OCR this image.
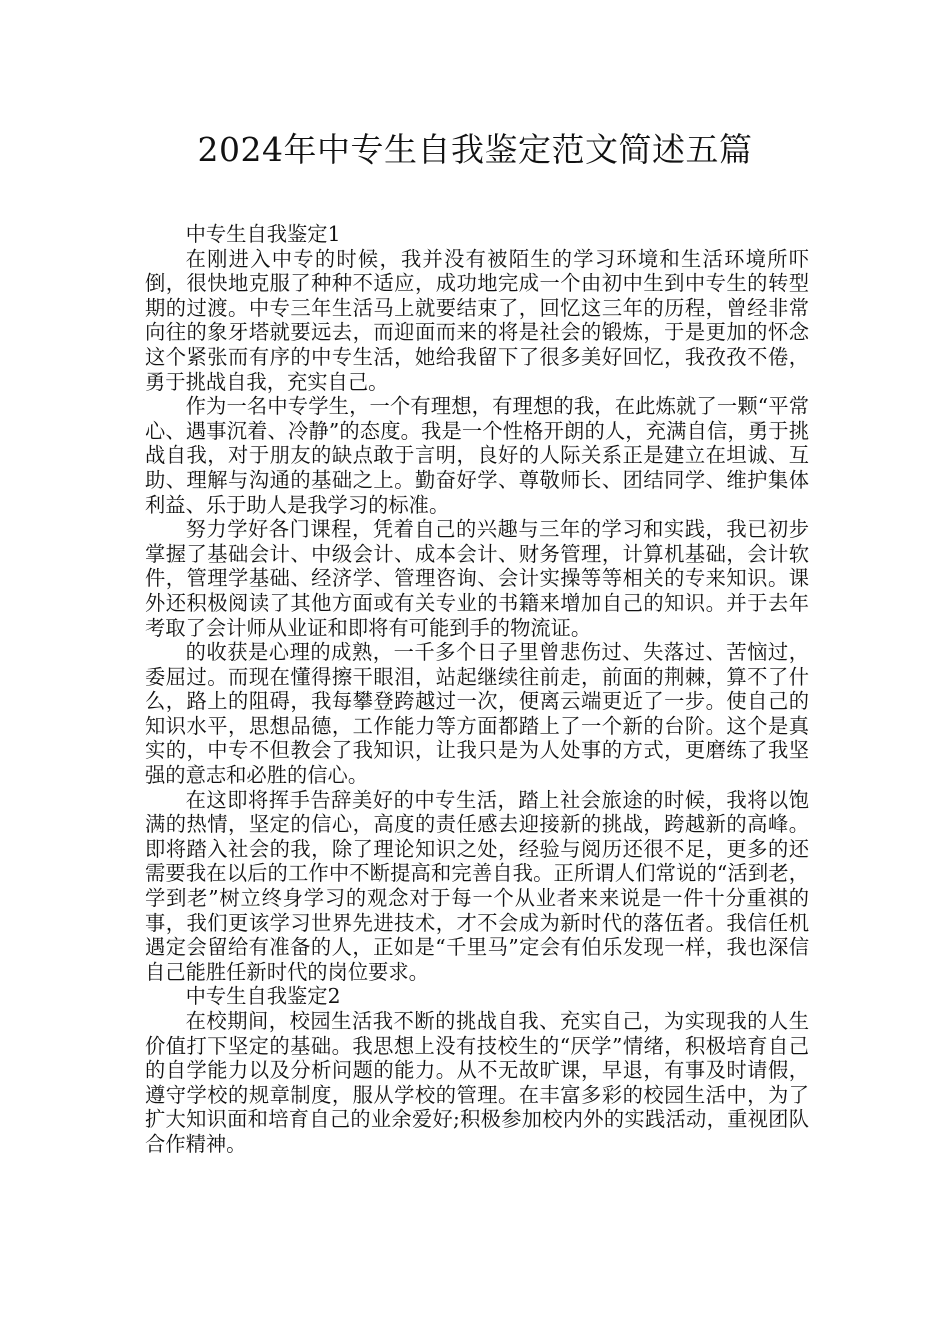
2024年中专生自我鉴定范文简述五篇

中专生自我鉴定1

在刚进入中专的时候，我并没有被陌生的学习环境和生活环境所吓倒，很快地克服了种种不适应，成功地完成一个由初中生到中专生的转型期的过渡。中专三年生活马上就要结束了，回忆这三年的历程，曾经非常向往的象牙塔就要远去，而迎面而来的将是社会的锻炼，于是更加的怀念这个紧张而有序的中专生活，她给我留下了很多美好回忆，我孜孜不倦，勇于挑战自我，充实自己。

作为一名中专学生，一个有理想，有理想的我，在此炼就了一颗“平常心、遇事沉着、冷静”的态度。我是一个性格开朗的人，充满自信，勇于挑战自我，对于朋友的缺点敢于言明，良好的人际关系正是建立在坦诚、互助、理解与沟通的基础之上。勤奋好学、尊敬师长、团结同学、维护集体利益、乐于助人是我学习的标准。

努力学好各门课程，凭着自己的兴趣与三年的学习和实践，我已初步掌握了基础会计、中级会计、成本会计、财务管理，计算机基础，会计软件，管理学基础、经济学、管理咨询、会计实操等等相关的专来知识。课外还积极阅读了其他方面或有关专业的书籍来增加自己的知识。并于去年考取了会计师从业证和即将有可能到手的物流证。

的收获是心理的成熟，一千多个日子里曾悲伤过、失落过、苦恼过，委屈过。而现在懂得擦干眼泪，站起继续往前走，前面的荆棘，算不了什么，路上的阻碍，我每攀登跨越过一次，便离云端更近了一步。使自己的知识水平，思想品德，工作能力等方面都踏上了一个新的台阶。这个是真实的，中专不但教会了我知识，让我只是为人处事的方式，更磨练了我坚强的意志和必胜的信心。

在这即将挥手告辞美好的中专生活，踏上社会旅途的时候，我将以饱满的热情，坚定的信心，高度的责任感去迎接新的挑战，跨越新的高峰。即将踏入社会的我，除了理论知识之处，经验与阅历还很不足，更多的还需要我在以后的工作中不断提高和完善自我。正所谓人们常说的“活到老，学到老”树立终身学习的观念对于每一个从业者来来说是一件十分重祺的事，我们更该学习世界先进技术，才不会成为新时代的落伍者。我信任机遇定会留给有准备的人，正如是“千里马”定会有伯乐发现一样，我也深信自己能胜任新时代的岗位要求。

中专生自我鉴定2

在校期间，校园生活我不断的挑战自我、充实自己，为实现我的人生价值打下坚定的基础。我思想上没有技校生的“厌学”情绪，积极培育自己的自学能力以及分析问题的能力。从不无故旷课，早退，有事及时请假，遵守学校的规章制度，服从学校的管理。在丰富多彩的校园生活中，为了扩大知识面和培育自己的业余爱好;积极参加校内外的实践活动，重视团队合作精神。
